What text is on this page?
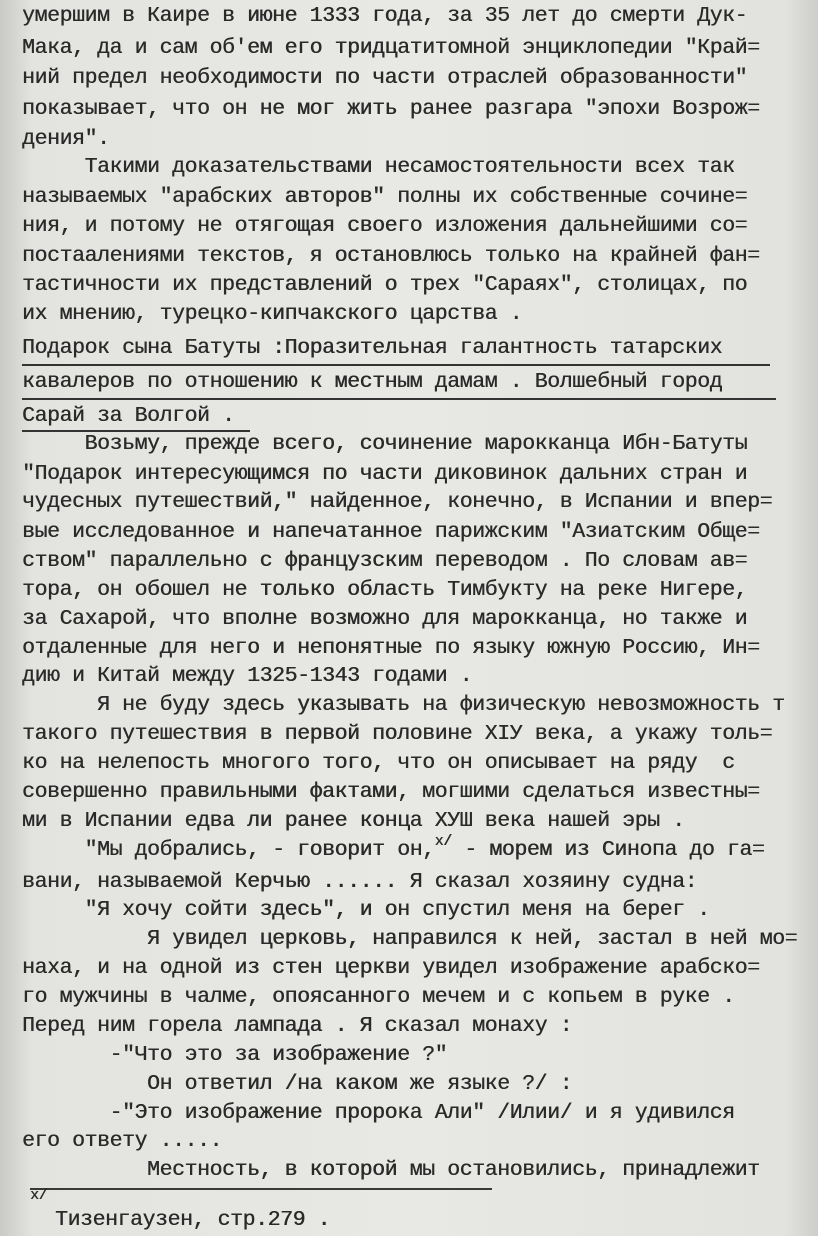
умершим в Каире в июне 1333 года, за 35 лет до смерти Дук-
Мака, да и сам об'ем его тридцатитомной энциклопедии "Край=
ний предел необходимости по части отраслей образованности"
показывает, что он не мог жить ранее разгара "эпохи Возрож=
дения".
Такими доказательствами несамостоятельности всех так
называемых "арабских авторов" полны их собственные сочине=
ния, и потому не отягощая своего изложения дальнейшими со=
постаалениями текстов, я остановлюсь только на крайней фан=
тастичности их представлений о трех "Сараях", столицах, по
их мнению, турецко-кипчакского царства .
Подарок сына Батуты :Поразительная галантность татарских
кавалеров по отношению к местным дамам . Волшебный город
Сарай за Волгой .
Возьму, прежде всего, сочинение марокканца Ибн-Батуты
"Подарок интересующимся по части диковинок дальних стран и
чудесных путешествий," найденное, конечно, в Испании и впер=
вые исследованное и напечатанное парижским "Азиатским Обще=
ством" параллельно с французским переводом . По словам ав=
тора, он обошел не только область Тимбукту на реке Нигере,
за Сахарой, что вполне возможно для марокканца, но также и
отдаленные для него и непонятные по языку южную Россию, Ин=
дию и Китай между 1325-1343 годами .
Я не буду здесь указывать на физическую невозможность т
такого путешествия в первой половине ХIУ века, а укажу толь=
ко на нелепость многого того, что он описывает на ряду  с
совершенно правильными фактами, могшими сделаться известны=
ми в Испании едва ли ранее конца ХУШ века нашей эры .
"Мы добрались, - говорит он,$^{x/}$ - морем из Синопа до га=
вани, называемой Керчью ...... Я сказал хозяину судна:
"Я хочу сойти здесь", и он спустил меня на берег .
Я увидел церковь, направился к ней, застал в ней мо=
наха, и на одной из стен церкви увидел изображение арабско=
го мужчины в чалме, опоясанного мечем и с копьем в руке .
Перед ним горела лампада . Я сказал монаху :
-"Что это за изображение ?"
Он ответил /на каком же языке ?/ :
-"Это изображение пророка Али" /Илии/ и я удивился
его ответу .....
Местность, в которой мы остановились, принадлежит
x/
Тизенгаузен, стр.279 .
